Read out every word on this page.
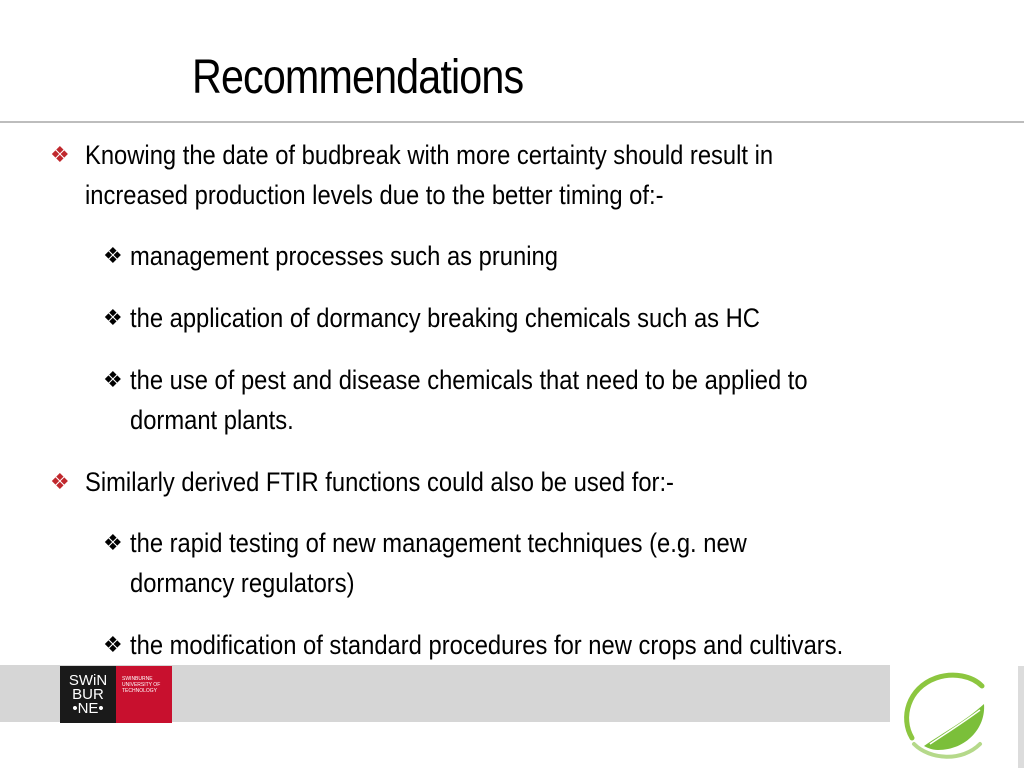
Recommendations
❖ Knowing the date of budbreak with more certainty should result in
increased production levels due to the better timing of:-
❖ management processes such as pruning
❖ the application of dormancy breaking chemicals such as HC
❖ the use of pest and disease chemicals that need to be applied to
dormant plants.
❖ Similarly derived FTIR functions could also be used for:-
❖ the rapid testing of new management techniques (e.g. new
dormancy regulators)
❖ the modification of standard procedures for new crops and cultivars.
SWiN
BUR
•NE•
SWINBURNE
UNIVERSITY OF
TECHNOLOGY
